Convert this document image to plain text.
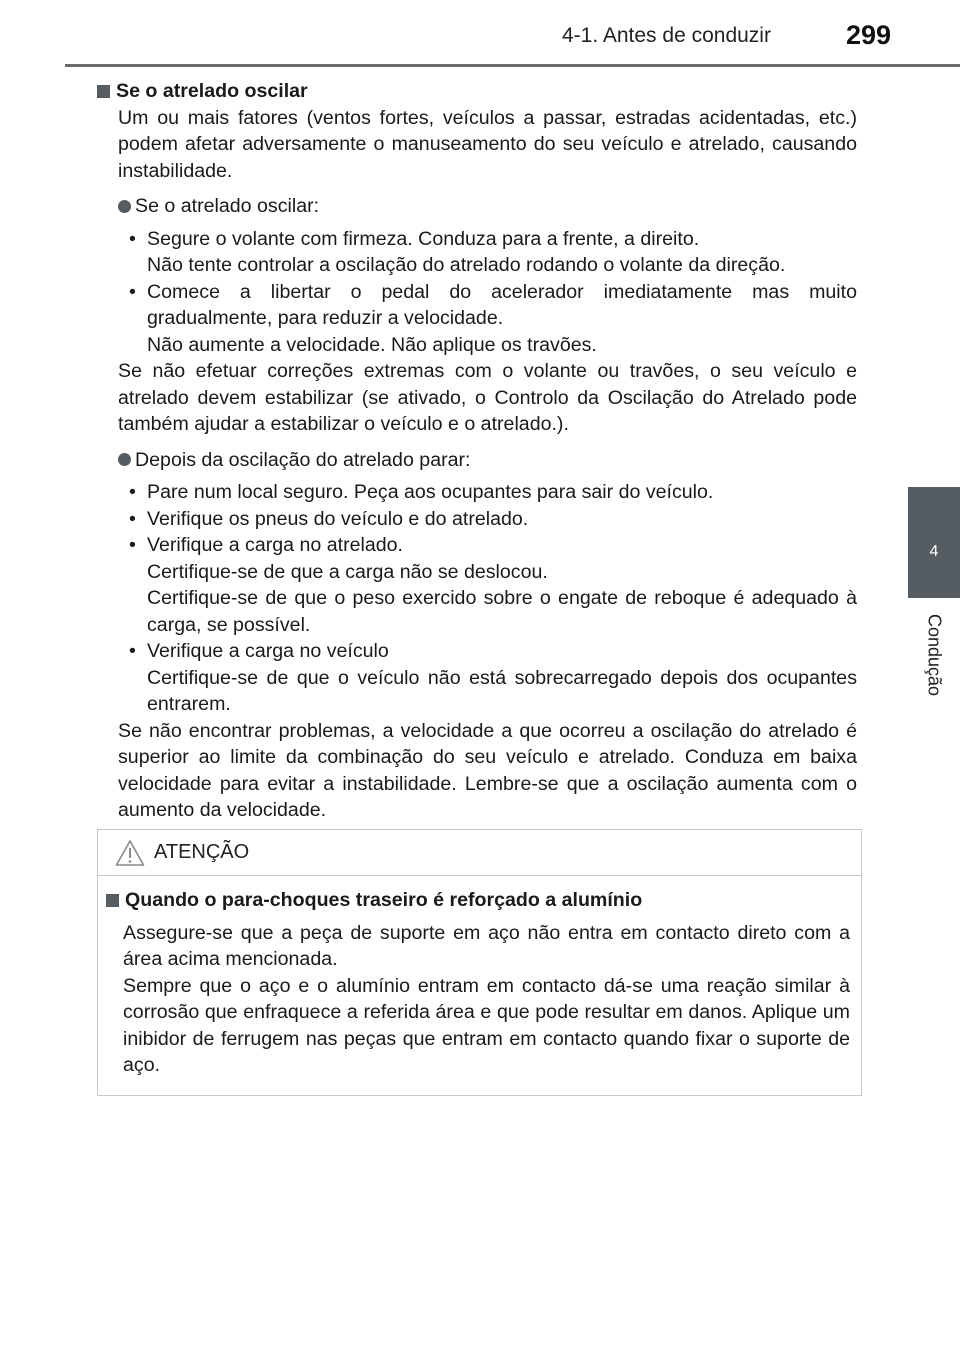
4-1. Antes de conduzir	299
4
Condução

Se o atrelado oscilar

Um ou mais fatores (ventos fortes, veículos a passar, estradas acidentadas, etc.) podem afetar adversamente o manuseamento do seu veículo e atrelado, causando instabilidade.

Se o atrelado oscilar:

• Segure o volante com firmeza. Conduza para a frente, a direito.
Não tente controlar a oscilação do atrelado rodando o volante da direção.
• Comece a libertar o pedal do acelerador imediatamente mas muito gradualmente, para reduzir a velocidade.
Não aumente a velocidade. Não aplique os travões.

Se não efetuar correções extremas com o volante ou travões, o seu veículo e atrelado devem estabilizar (se ativado, o Controlo da Oscilação do Atrelado pode também ajudar a estabilizar o veículo e o atrelado.).

Depois da oscilação do atrelado parar:

• Pare num local seguro. Peça aos ocupantes para sair do veículo.
• Verifique os pneus do veículo e do atrelado.
• Verifique a carga no atrelado.
Certifique-se de que a carga não se deslocou.
Certifique-se de que o peso exercido sobre o engate de reboque é adequado à carga, se possível.
• Verifique a carga no veículo
Certifique-se de que o veículo não está sobrecarregado depois dos ocupantes entrarem.

Se não encontrar problemas, a velocidade a que ocorreu a oscilação do atrelado é superior ao limite da combinação do seu veículo e atrelado. Conduza em baixa velocidade para evitar a instabilidade. Lembre-se que a oscilação aumenta com o aumento da velocidade.

ATENÇÃO

Quando o para-choques traseiro é reforçado a alumínio

Assegure-se que a peça de suporte em aço não entra em contacto direto com a área acima mencionada.

Sempre que o aço e o alumínio entram em contacto dá-se uma reação similar à corrosão que enfraquece a referida área e que pode resultar em danos. Aplique um inibidor de ferrugem nas peças que entram em contacto quando fixar o suporte de aço.
